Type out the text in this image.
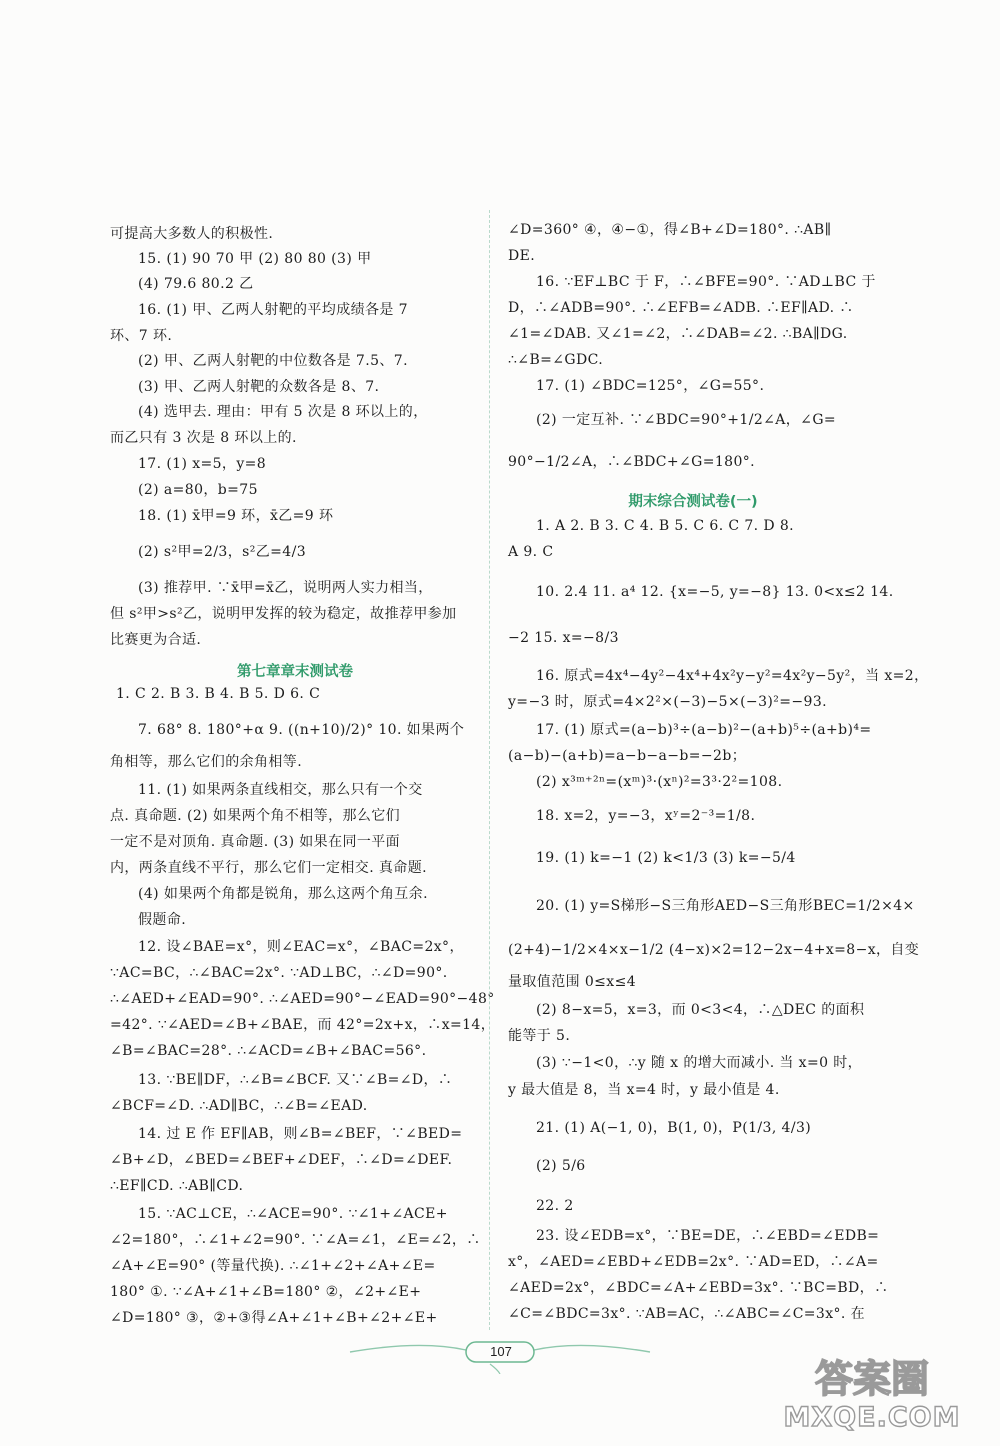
可提高大多数人的积极性.
15. (1) 90 70 甲 (2) 80 80 (3) 甲
(4) 79.6 80.2 乙
16. (1) 甲、乙两人射靶的平均成绩各是 7
环、7 环.
(2) 甲、乙两人射靶的中位数各是 7.5、7.
(3) 甲、乙两人射靶的众数各是 8、7.
(4) 选甲去. 理由：甲有 5 次是 8 环以上的，
而乙只有 3 次是 8 环以上的.
17. (1) x=5，y=8
(2) a=80，b=75
18. (1) x̄甲=9 环，x̄乙=9 环
(2) s²甲=2/3，s²乙=4/3
(3) 推荐甲. ∵x̄甲=x̄乙，说明两人实力相当，
但 s²甲>s²乙，说明甲发挥的较为稳定，故推荐甲参加
比赛更为合适.
第七章章末测试卷
1. C 2. B 3. B 4. B 5. D 6. C
7. 68° 8. 180°+α 9. ((n+10)/2)° 10. 如果两个
角相等，那么它们的余角相等.
11. (1) 如果两条直线相交，那么只有一个交
点. 真命题. (2) 如果两个角不相等，那么它们
一定不是对顶角. 真命题. (3) 如果在同一平面
内，两条直线不平行，那么它们一定相交. 真命题.
(4) 如果两个角都是锐角，那么这两个角互余.
假题命.
12. 设∠BAE=x°，则∠EAC=x°，∠BAC=2x°，
∵AC=BC，∴∠BAC=2x°. ∵AD⊥BC，∴∠D=90°.
∴∠AED+∠EAD=90°. ∴∠AED=90°−∠EAD=90°−48°
=42°. ∵∠AED=∠B+∠BAE，而 42°=2x+x，∴x=14，
∠B=∠BAC=28°. ∴∠ACD=∠B+∠BAC=56°.
13. ∵BE∥DF，∴∠B=∠BCF. 又∵∠B=∠D，∴
∠BCF=∠D. ∴AD∥BC，∴∠B=∠EAD.
14. 过 E 作 EF∥AB，则∠B=∠BEF，∵∠BED=
∠B+∠D，∠BED=∠BEF+∠DEF，∴∠D=∠DEF.
∴EF∥CD. ∴AB∥CD.
15. ∵AC⊥CE，∴∠ACE=90°. ∵∠1+∠ACE+
∠2=180°，∴∠1+∠2=90°. ∵∠A=∠1，∠E=∠2，∴
∠A+∠E=90° (等量代换). ∴∠1+∠2+∠A+∠E=
180° ①. ∵∠A+∠1+∠B=180° ②，∠2+∠E+
∠D=180° ③，②+③得∠A+∠1+∠B+∠2+∠E+
∠D=360° ④，④−①，得∠B+∠D=180°. ∴AB∥
DE.
16. ∵EF⊥BC 于 F，∴∠BFE=90°. ∵AD⊥BC 于
D，∴∠ADB=90°. ∴∠EFB=∠ADB. ∴EF∥AD. ∴
∠1=∠DAB. 又∠1=∠2，∴∠DAB=∠2. ∴BA∥DG.
∴∠B=∠GDC.
17. (1) ∠BDC=125°，∠G=55°.
(2) 一定互补. ∵∠BDC=90°+1/2∠A，∠G=
90°−1/2∠A，∴∠BDC+∠G=180°.
期末综合测试卷(一)
1. A 2. B 3. C 4. B 5. C 6. C 7. D 8.
A 9. C
10. 2.4 11. a⁴ 12. {x=−5, y=−8} 13. 0<x≤2 14.
−2 15. x=−8/3
16. 原式=4x⁴−4y²−4x⁴+4x²y−y²=4x²y−5y²，当 x=2，
y=−3 时，原式=4×2²×(−3)−5×(−3)²=−93.
17. (1) 原式=(a−b)³÷(a−b)²−(a+b)⁵÷(a+b)⁴=
(a−b)−(a+b)=a−b−a−b=−2b；
(2) x³ᵐ⁺²ⁿ=(xᵐ)³·(xⁿ)²=3³·2²=108.
18. x=2，y=−3，xʸ=2⁻³=1/8.
19. (1) k=−1 (2) k<1/3 (3) k=−5/4
20. (1) y=S梯形−S三角形AED−S三角形BEC=1/2×4×
(2+4)−1/2×4×x−1/2 (4−x)×2=12−2x−4+x=8−x，自变
量取值范围 0≤x≤4
(2) 8−x=5，x=3，而 0<3<4，∴△DEC 的面积
能等于 5.
(3) ∵−1<0，∴y 随 x 的增大而减小. 当 x=0 时，
y 最大值是 8，当 x=4 时，y 最小值是 4.
21. (1) A(−1, 0)，B(1, 0)，P(1/3, 4/3)
(2) 5/6
22. 2
23. 设∠EDB=x°，∵BE=DE，∴∠EBD=∠EDB=
x°，∠AED=∠EBD+∠EDB=2x°. ∵AD=ED，∴∠A=
∠AED=2x°，∠BDC=∠A+∠EBD=3x°. ∵BC=BD，∴
∠C=∠BDC=3x°. ∵AB=AC，∴∠ABC=∠C=3x°. 在
107
答案圈
MXQE.COM
